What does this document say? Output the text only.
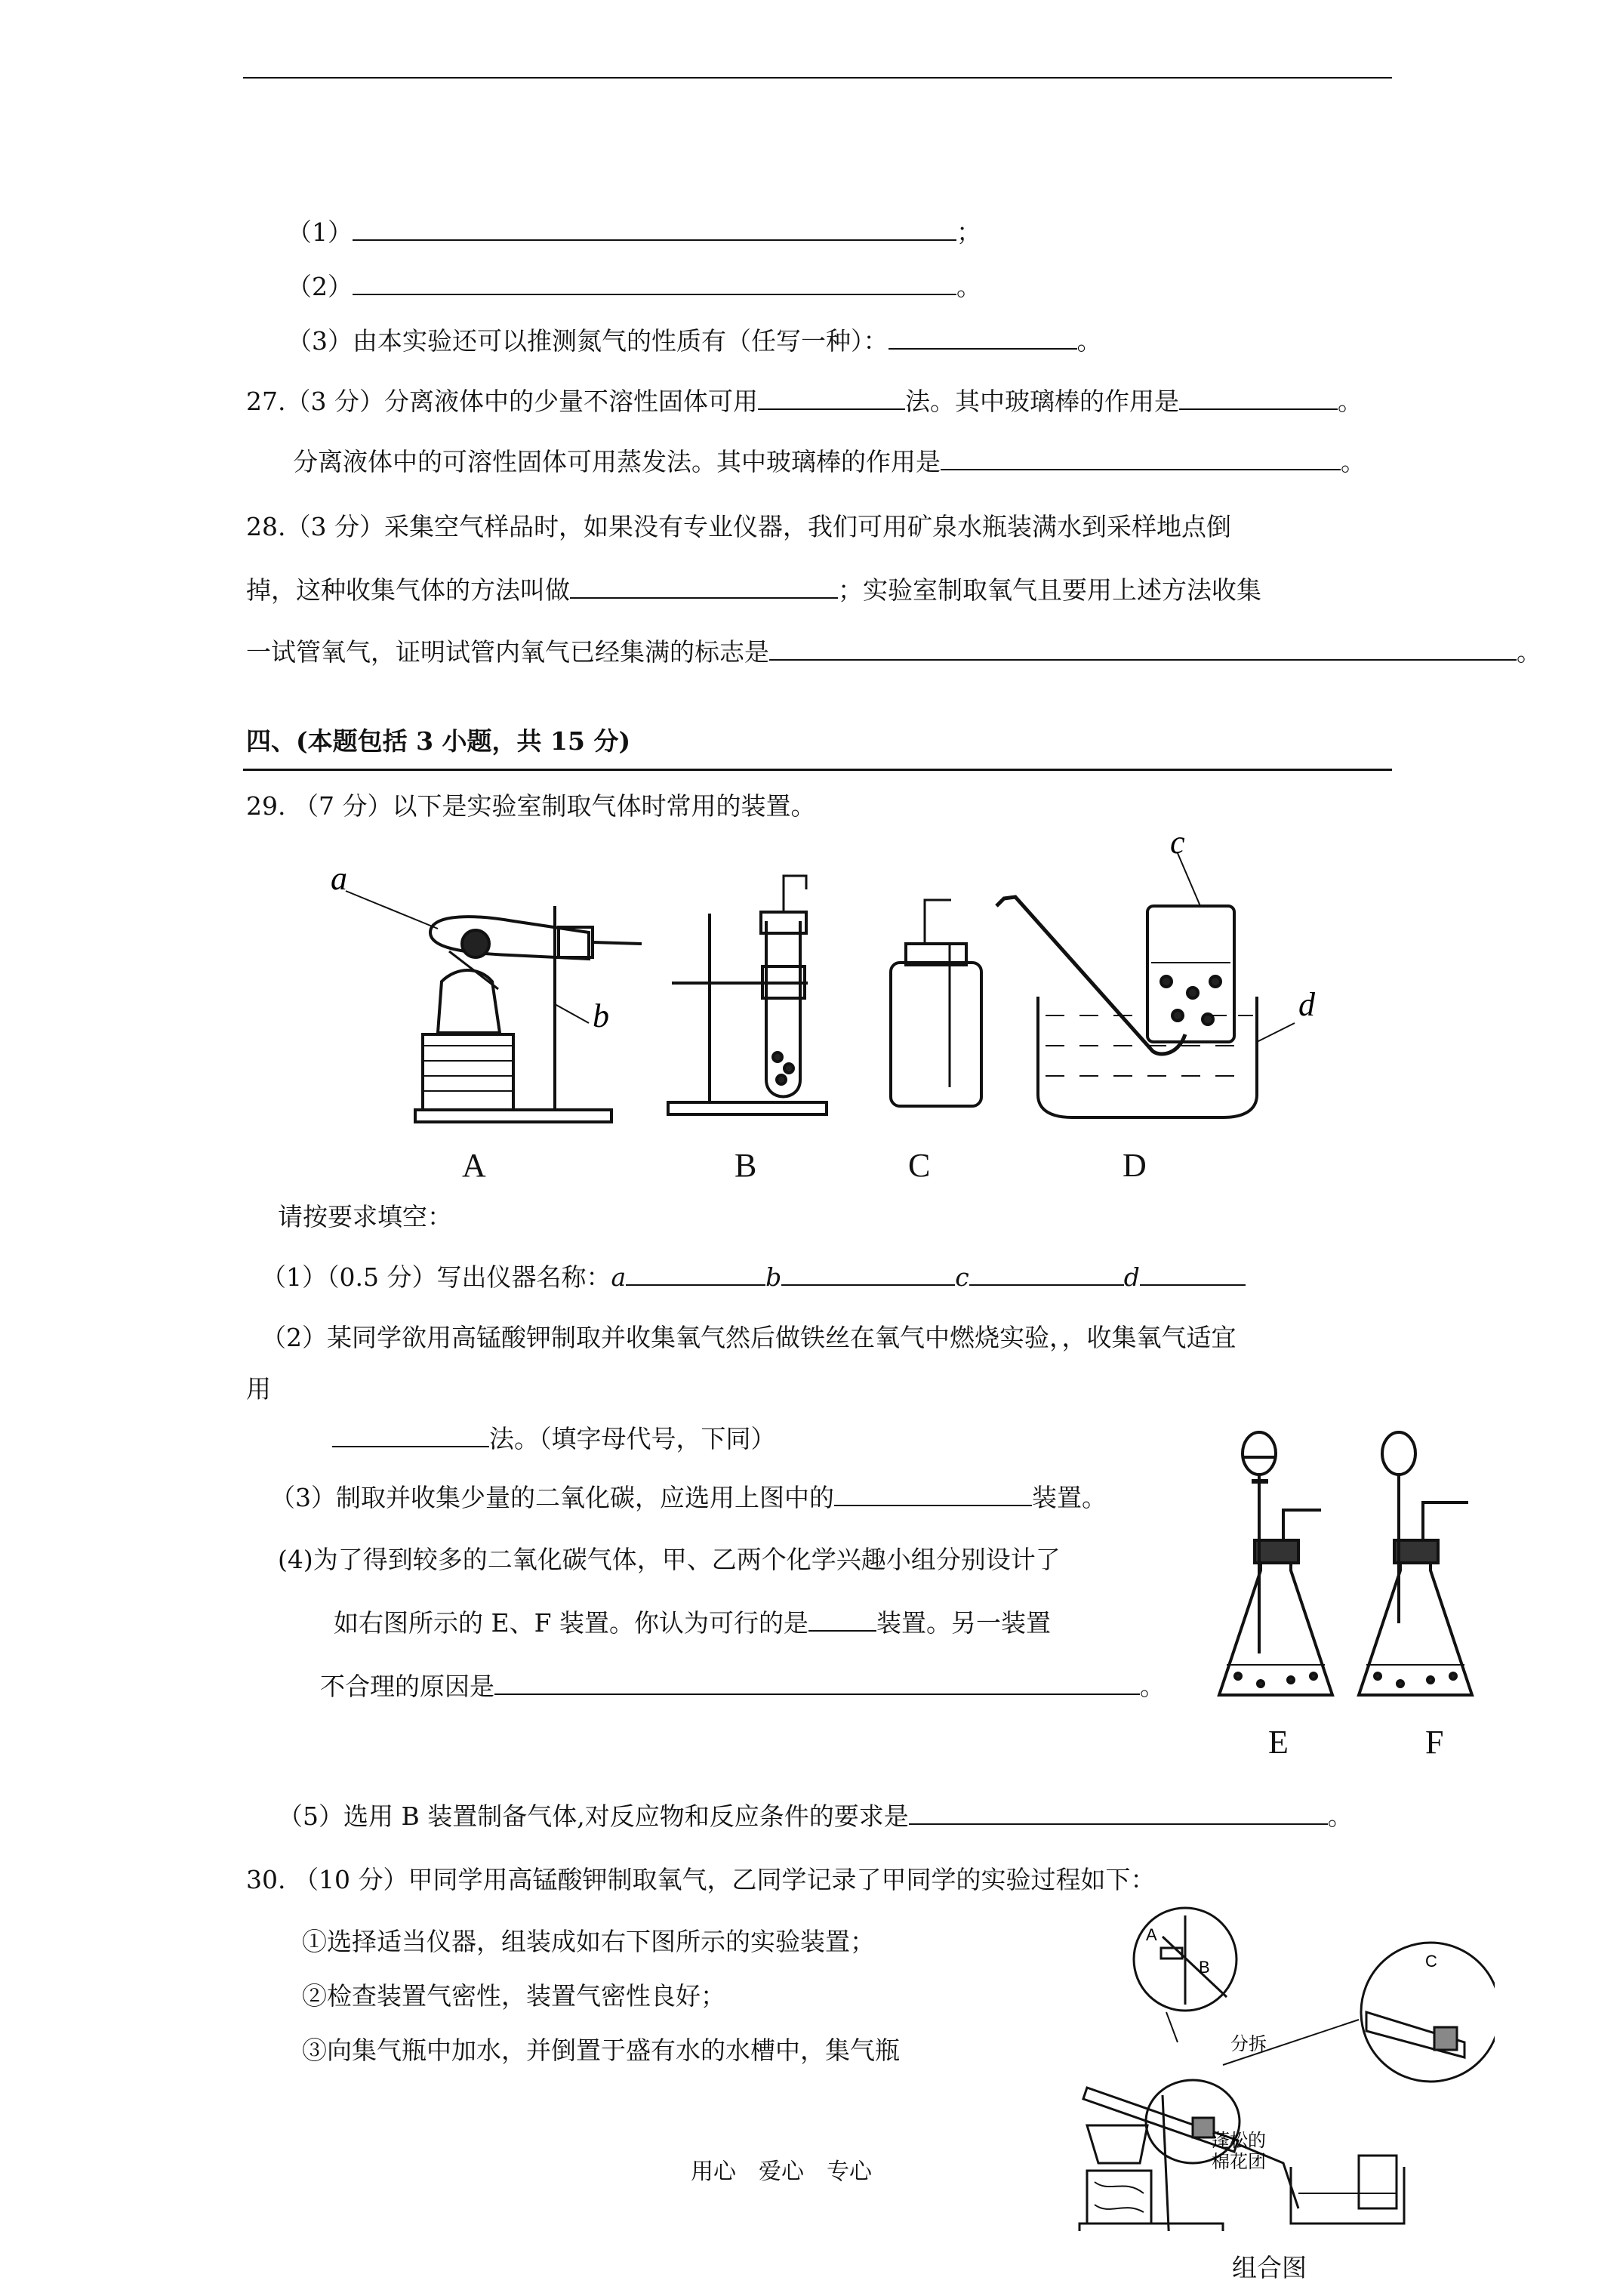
（1）	；
（2）	。
（3）由本实验还可以推测氮气的性质有（任写一种）：	。
27.（3 分）分离液体中的少量不溶性固体可用	法。其中玻璃棒的作用是	。
分离液体中的可溶性固体可用蒸发法。其中玻璃棒的作用是	。
28.（3 分）采集空气样品时，如果没有专业仪器，我们可用矿泉水瓶装满水到采样地点倒
掉，这种收集气体的方法叫做	；实验室制取氧气且要用上述方法收集
一试管氧气，证明试管内氧气已经集满的标志是	。
四、(本题包括 3 小题，共 15 分)
29. （7 分）以下是实验室制取气体时常用的装置。
a
b
c
d
A	B	C	D
请按要求填空：
（1）（0.5 分）写出仪器名称：a	b	c	d
（2）某同学欲用高锰酸钾制取并收集氧气然后做铁丝在氧气中燃烧实验，，收集氧气适宜
用
法。（填字母代号，下同）
（3）制取并收集少量的二氧化碳，应选用上图中的	装置。
(4)为了得到较多的二氧化碳气体，甲、乙两个化学兴趣小组分别设计了
如右图所示的 E、F 装置。你认为可行的是	装置。另一装置
不合理的原因是	。
E	F
（5）选用 B 装置制备气体,对反应物和反应条件的要求是	。
30. （10 分）甲同学用高锰酸钾制取氧气，乙同学记录了甲同学的实验过程如下：
①选择适当仪器，组装成如右下图所示的实验装置；
②检查装置气密性，装置气密性良好；
③向集气瓶中加水，并倒置于盛有水的水槽中，集气瓶
A
B	C
分拆
蓬松的
棉花团
组合图
用心　爱心　专心
